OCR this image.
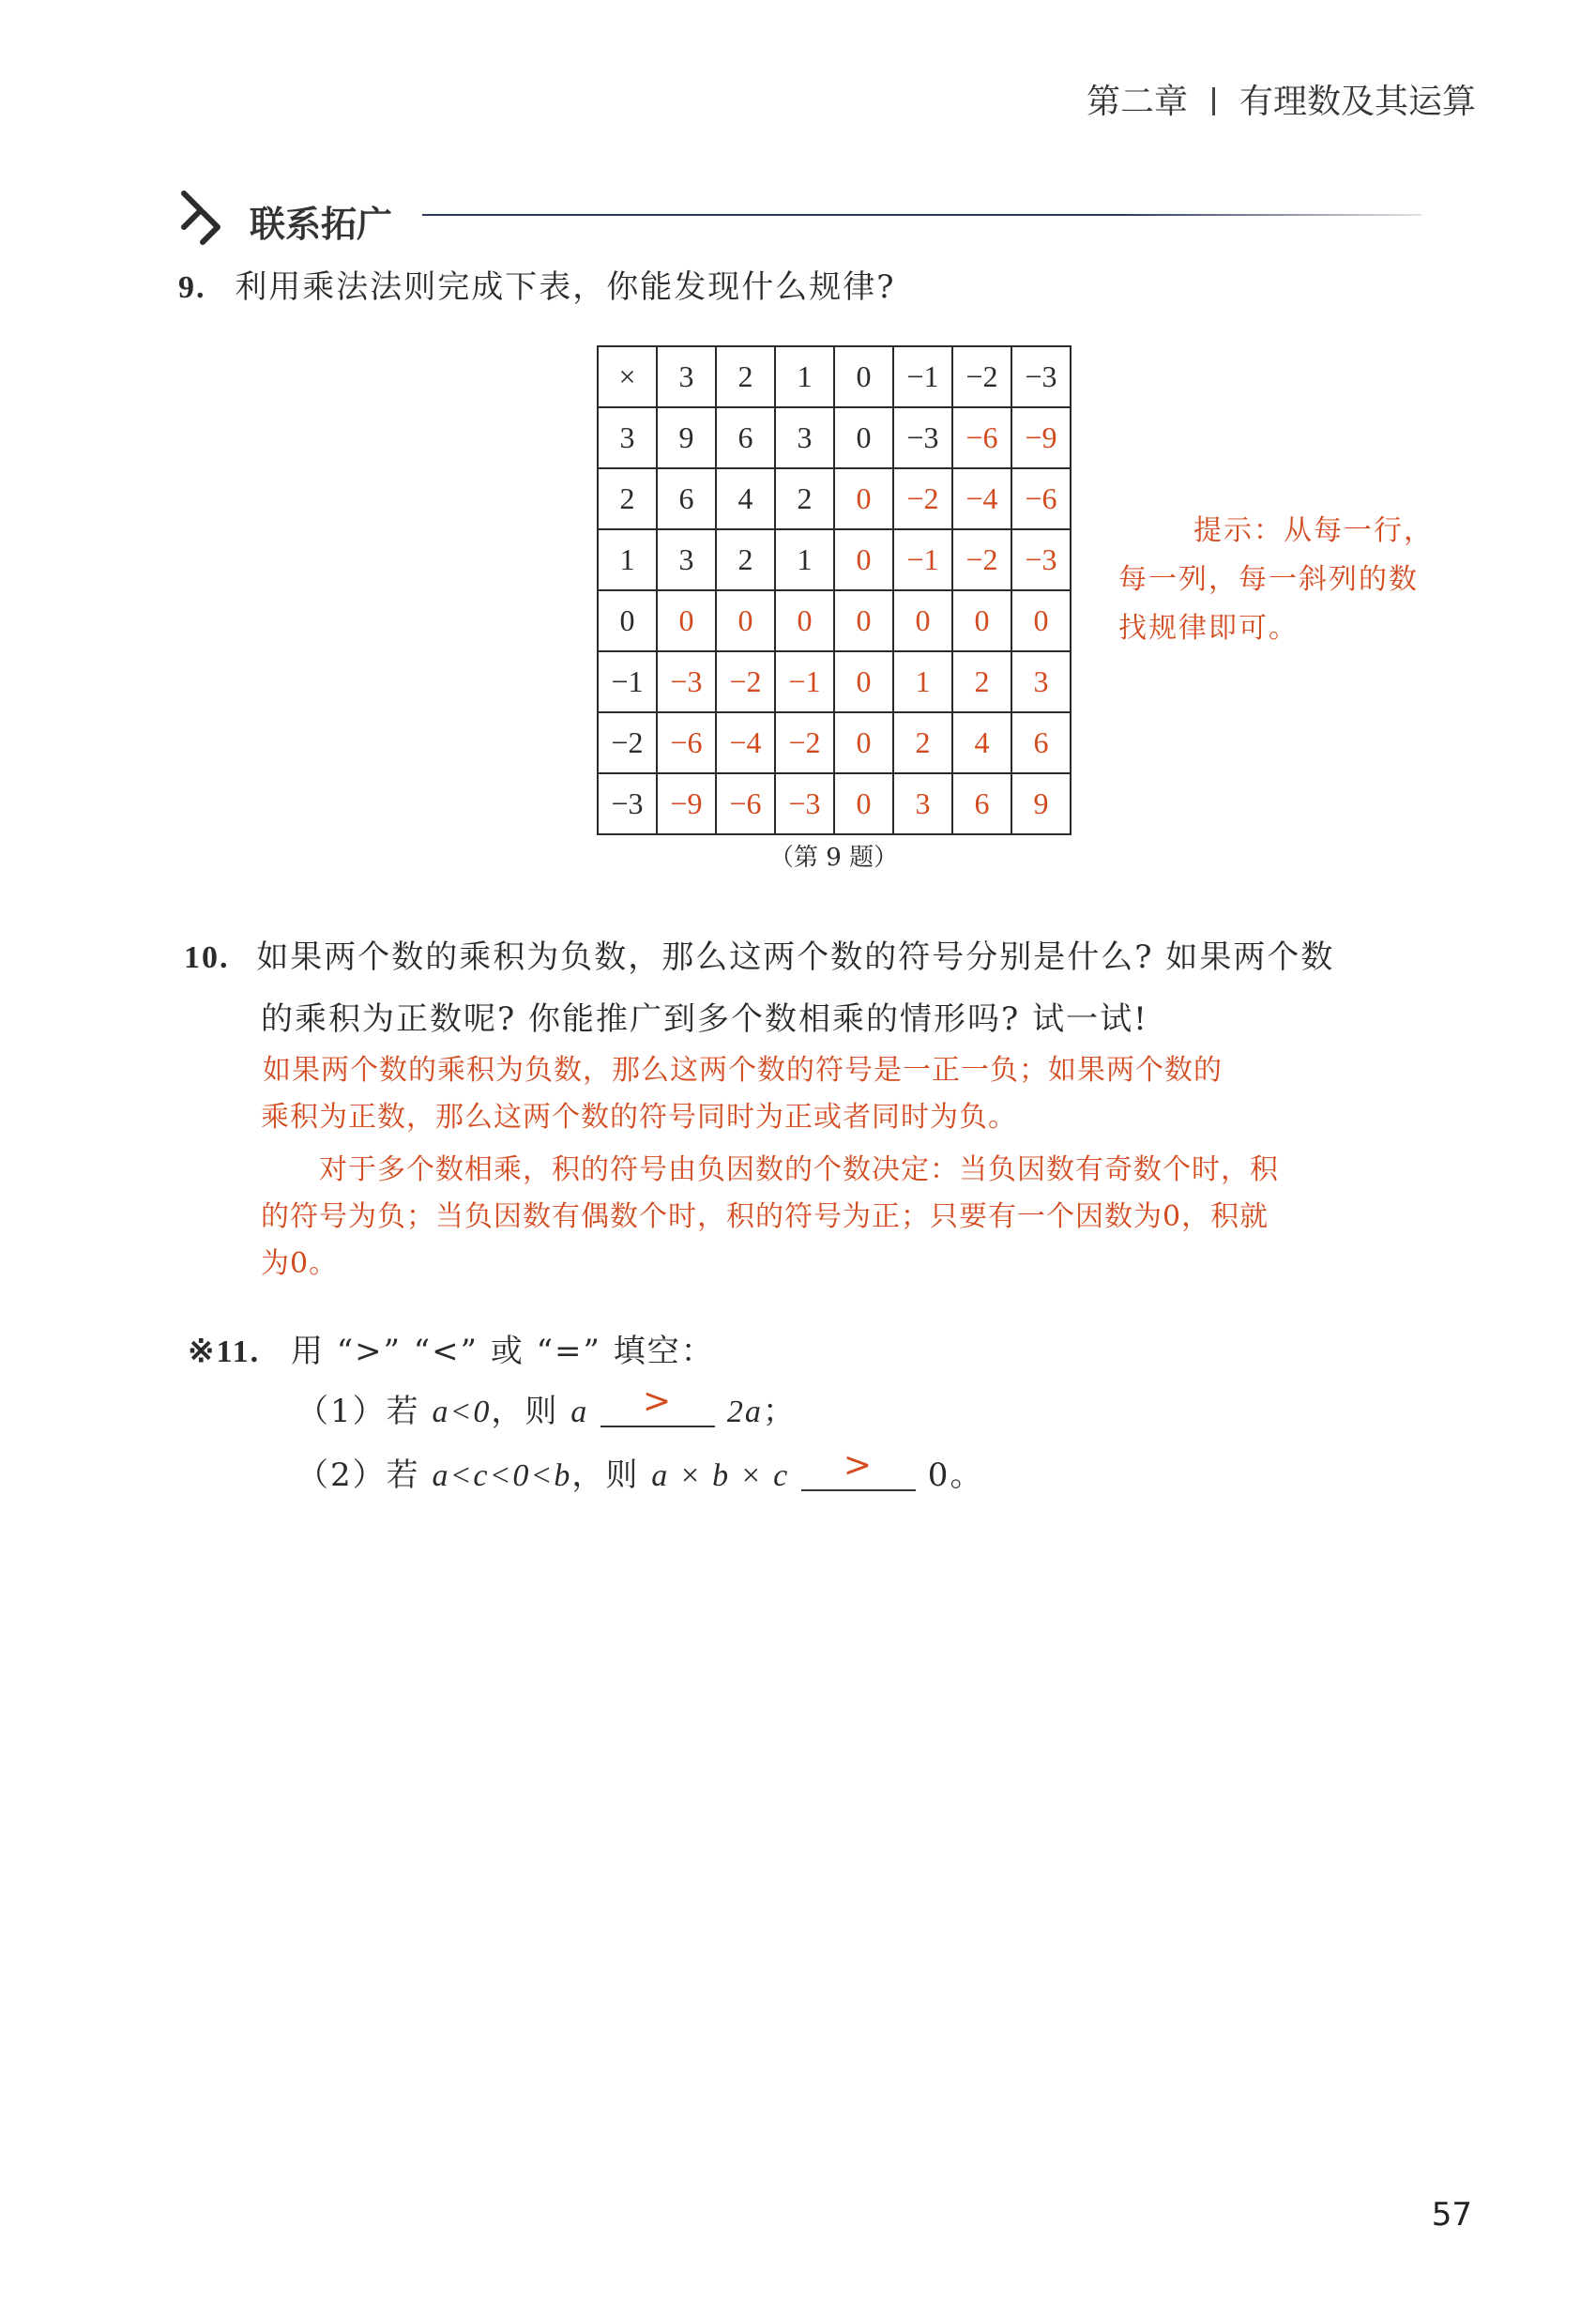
第二章 有理数及其运算
联系拓广
9. 利用乘法法则完成下表，你能发现什么规律?
×	3	2	1	0	−1	−2	−3
3	9	6	3	0	−3	−6	−9
2	6	4	2	0	−2	−4	−6
1	3	2	1	0	−1	−2	−3
0	0	0	0	0	0	0	0
−1	−3	−2	−1	0	1	2	3
−2	−6	−4	−2	0	2	4	6
−3	−9	−6	−3	0	3	6	9
（第 9 题）
提示：从每一行，
每一列，每一斜列的数
找规律即可。
10. 如果两个数的乘积为负数，那么这两个数的符号分别是什么? 如果两个数
的乘积为正数呢? 你能推广到多个数相乘的情形吗? 试一试!
如果两个数的乘积为负数，那么这两个数的符号是一正一负；如果两个数的
乘积为正数，那么这两个数的符号同时为正或者同时为负。
对于多个数相乘，积的符号由负因数的个数决定：当负因数有奇数个时，积
的符号为负；当负因数有偶数个时，积的符号为正；只要有一个因数为0，积就
为0。
※11. 用 “>” “<” 或 “=” 填空：
（1）若 a<0，则 a	>	2a；
（2）若 a<c<0<b，则 a × b × c	>	0。
57
